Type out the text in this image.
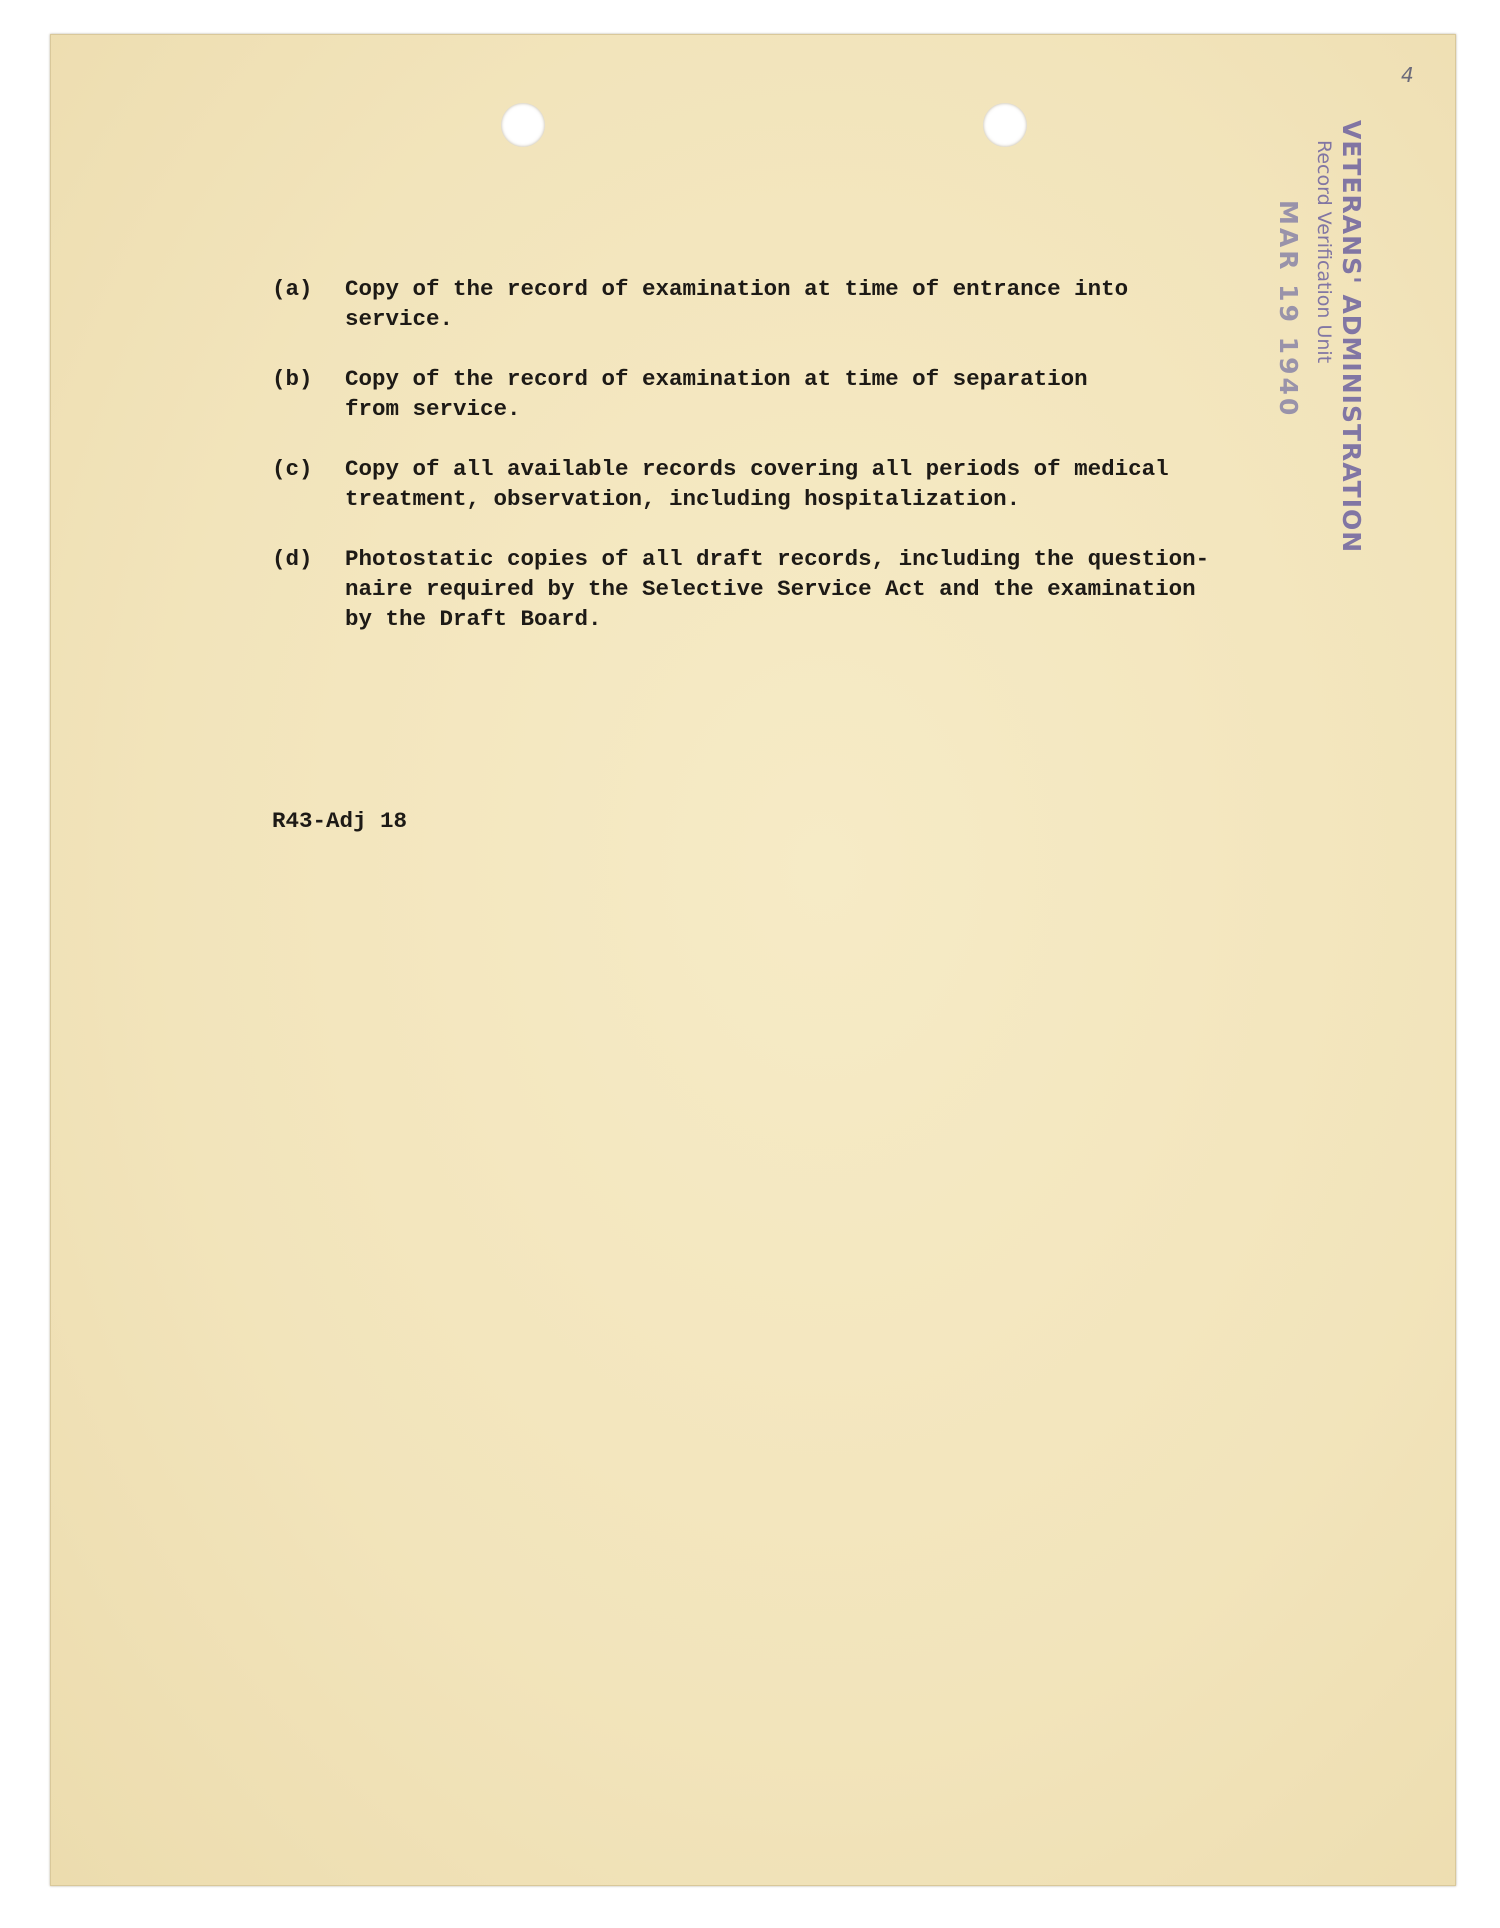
4
VETERANS' ADMINISTRATION
Record Verification Unit
MAR 19 1940
(a)	Copy of the record of examination at time of entrance into
service.
(b)	Copy of the record of examination at time of separation
from service.
(c)	Copy of all available records covering all periods of medical
treatment, observation, including hospitalization.
(d)	Photostatic copies of all draft records, including the question-
naire required by the Selective Service Act and the examination
by the Draft Board.
R43-Adj 18
